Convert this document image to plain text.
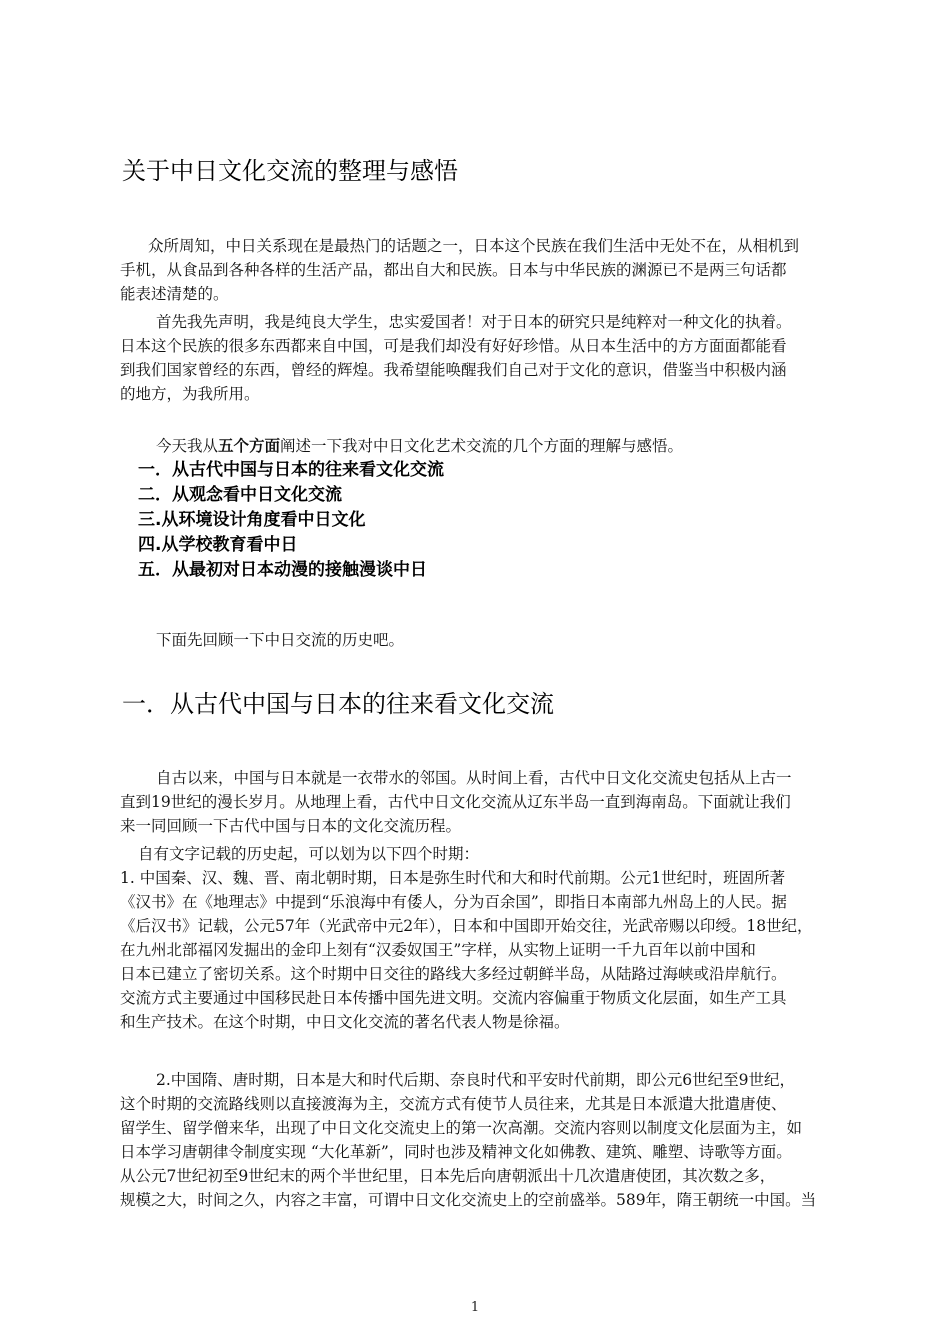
关于中日文化交流的整理与感悟
众所周知，中日关系现在是最热门的话题之一，日本这个民族在我们生活中无处不在，从相机到
手机，从食品到各种各样的生活产品，都出自大和民族。日本与中华民族的渊源已不是两三句话都
能表述清楚的。
首先我先声明，我是纯良大学生，忠实爱国者！对于日本的研究只是纯粹对一种文化的执着。
日本这个民族的很多东西都来自中国，可是我们却没有好好珍惜。从日本生活中的方方面面都能看
到我们国家曾经的东西，曾经的辉煌。我希望能唤醒我们自己对于文化的意识，借鉴当中积极内涵
的地方，为我所用。
今天我从五个方面阐述一下我对中日文化艺术交流的几个方面的理解与感悟。
一．从古代中国与日本的往来看文化交流
二．从观念看中日文化交流
三.从环境设计角度看中日文化
四.从学校教育看中日
五．从最初对日本动漫的接触漫谈中日
下面先回顾一下中日交流的历史吧。
一．从古代中国与日本的往来看文化交流
自古以来，中国与日本就是一衣带水的邻国。从时间上看，古代中日文化交流史包括从上古一
直到19世纪的漫长岁月。从地理上看，古代中日文化交流从辽东半岛一直到海南岛。下面就让我们
来一同回顾一下古代中国与日本的文化交流历程。
自有文字记载的历史起，可以划为以下四个时期：
1. 中国秦、汉、魏、晋、南北朝时期，日本是弥生时代和大和时代前期。公元1世纪时，班固所著
《汉书》在《地理志》中提到“乐浪海中有倭人，分为百余国”，即指日本南部九州岛上的人民。据
《后汉书》记载，公元57年（光武帝中元2年），日本和中国即开始交往，光武帝赐以印绶。18世纪，
在九州北部福冈发掘出的金印上刻有“汉委奴国王”字样，从实物上证明一千九百年以前中国和
日本已建立了密切关系。这个时期中日交往的路线大多经过朝鲜半岛，从陆路过海峡或沿岸航行。
交流方式主要通过中国移民赴日本传播中国先进文明。交流内容偏重于物质文化层面，如生产工具
和生产技术。在这个时期，中日文化交流的著名代表人物是徐福。
2.中国隋、唐时期，日本是大和时代后期、奈良时代和平安时代前期，即公元6世纪至9世纪，
这个时期的交流路线则以直接渡海为主，交流方式有使节人员往来，尤其是日本派遣大批遣唐使、
留学生、留学僧来华，出现了中日文化交流史上的第一次高潮。交流内容则以制度文化层面为主，如
日本学习唐朝律令制度实现 “大化革新”，同时也涉及精神文化如佛教、建筑、雕塑、诗歌等方面。
从公元7世纪初至9世纪末的两个半世纪里，日本先后向唐朝派出十几次遣唐使团，其次数之多，
规模之大，时间之久，内容之丰富，可谓中日文化交流史上的空前盛举。589年，隋王朝统一中国。当
1
